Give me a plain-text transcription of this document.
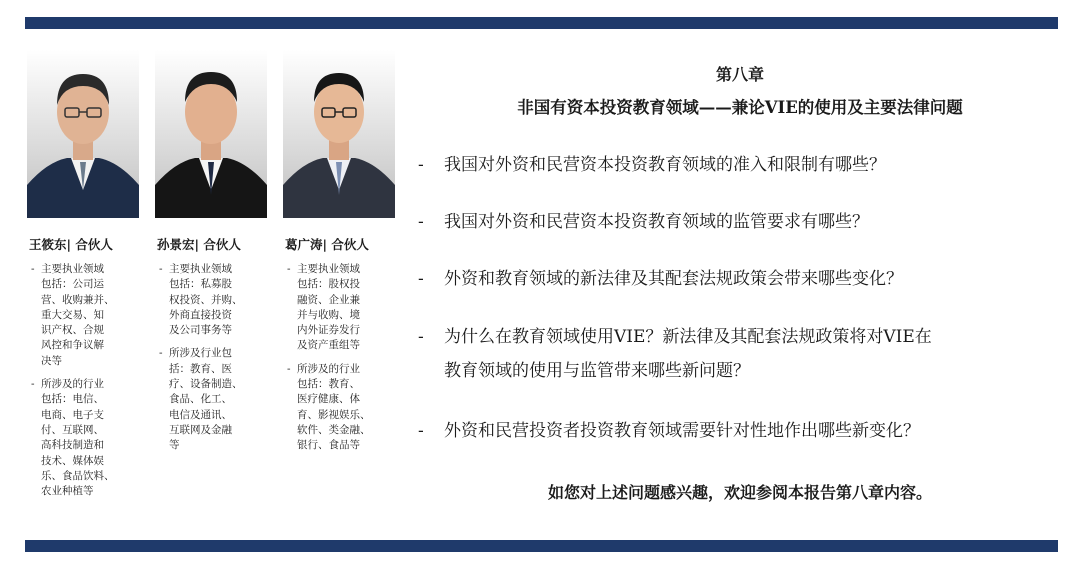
王筱东| 合伙人
- 主要执业领域
包括：公司运
营、收购兼并、
重大交易、知
识产权、合规
风控和争议解
决等
- 所涉及的行业
包括：电信、
电商、电子支
付、互联网、
高科技制造和
技术、媒体娱
乐、食品饮料、
农业种植等
孙景宏| 合伙人
- 主要执业领域
包括：私募股
权投资、并购、
外商直接投资
及公司事务等
- 所涉及行业包
括：教育、医
疗、设备制造、
食品、化工、
电信及通讯、
互联网及金融
等
葛广涛| 合伙人
- 主要执业领域
包括：股权投
融资、企业兼
并与收购、境
内外证券发行
及资产重组等
- 所涉及的行业
包括：教育、
医疗健康、体
育、影视娱乐、
软件、类金融、
银行、食品等
第八章
非国有资本投资教育领域——兼论VIE的使用及主要法律问题
- 我国对外资和民营资本投资教育领域的准入和限制有哪些？
- 我国对外资和民营资本投资教育领域的监管要求有哪些？
- 外资和教育领域的新法律及其配套法规政策会带来哪些变化？
- 为什么在教育领域使用VIE？新法律及其配套法规政策将对VIE在
教育领域的使用与监管带来哪些新问题？
- 外资和民营投资者投资教育领域需要针对性地作出哪些新变化？
如您对上述问题感兴趣，欢迎参阅本报告第八章内容。
